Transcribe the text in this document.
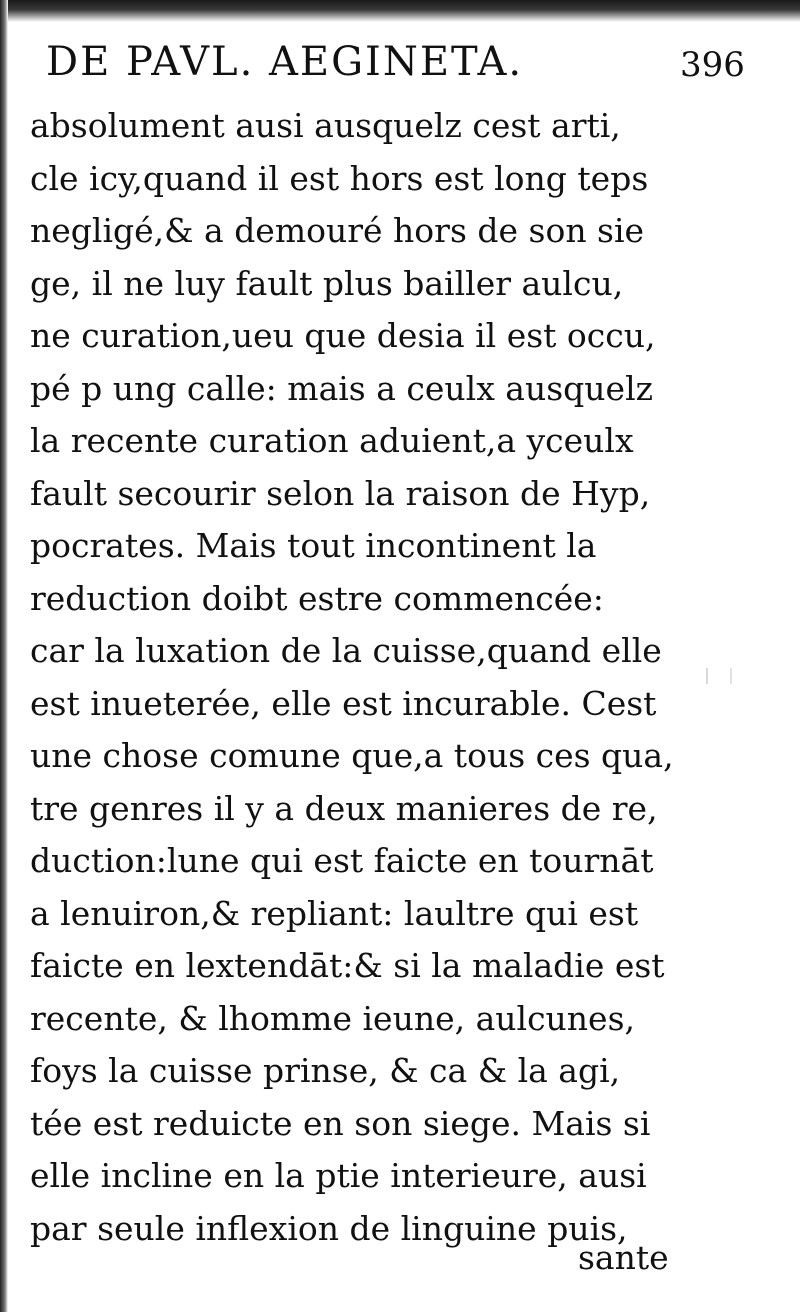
DE PAVL. AEGINETA.	396
absolument ausi ausquelz cest arti,
cle icy,quand il est hors est long teps
negligé,& a demouré hors de son sie
ge, il ne luy fault plus bailler aulcu,
ne curation,ueu que desia il est occu,
pé p ung calle: mais a ceulx ausquelz
la recente curation aduient,a yceulx
fault secourir selon la raison de Hyp,
pocrates. Mais tout incontinent la
reduction doibt estre commencée:
car la luxation de la cuisse,quand elle
est inueterée, elle est incurable. Cest
une chose comune que,a tous ces qua,
tre genres il y a deux manieres de re,
duction:lune qui est faicte en tournāt
a lenuiron,& repliant: laultre qui est
faicte en lextendāt:& si la maladie est
recente, & lhomme ieune, aulcunes,
foys la cuisse prinse, & ca & la agi,
tée est reduicte en son siege. Mais si
elle incline en la ptie interieure, ausi
par seule inflexion de linguine puis,
sante
